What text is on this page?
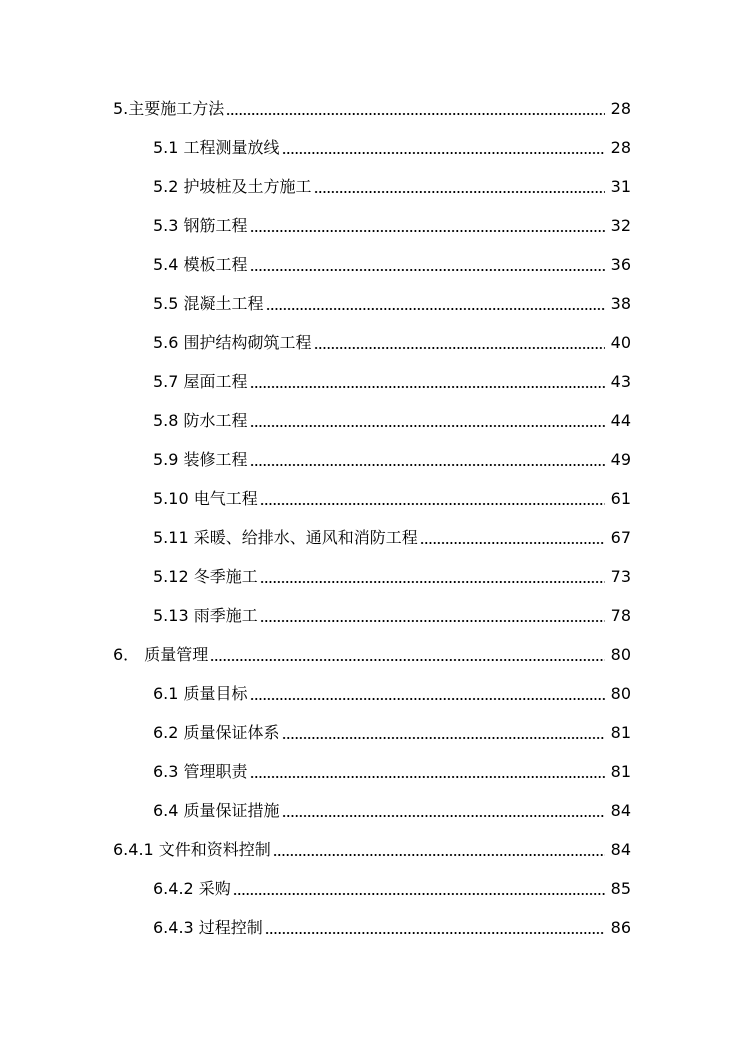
5.主要施工方法	28
5.1 工程测量放线	28
5.2 护坡桩及土方施工	31
5.3 钢筋工程	32
5.4 模板工程	36
5.5 混凝土工程	38
5.6 围护结构砌筑工程	40
5.7 屋面工程	43
5.8 防水工程	44
5.9 装修工程	49
5.10 电气工程	61
5.11 采暖、给排水、通风和消防工程	67
5.12 冬季施工	73
5.13 雨季施工	78
6． 质量管理	80
6.1 质量目标	80
6.2 质量保证体系	81
6.3 管理职责	81
6.4 质量保证措施	84
6.4.1 文件和资料控制	84
6.4.2 采购	85
6.4.3 过程控制	86
